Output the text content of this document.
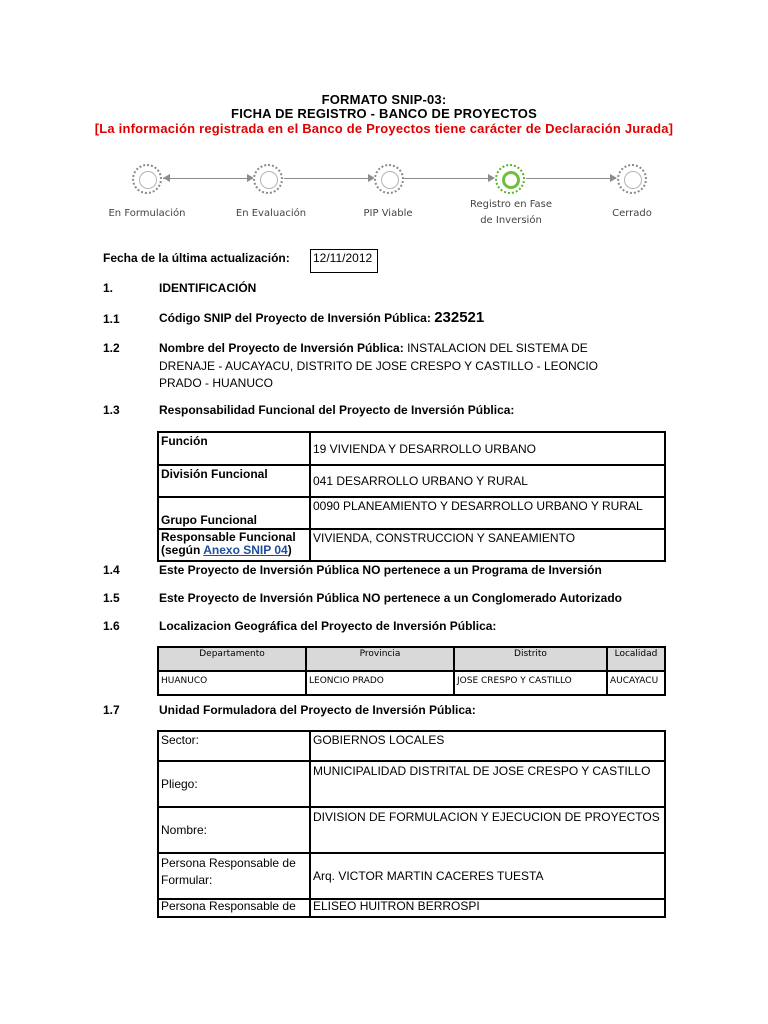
FORMATO SNIP-03:
FICHA DE REGISTRO - BANCO DE PROYECTOS
[La información registrada en el Banco de Proyectos tiene carácter de Declaración Jurada]
En Formulación	En Evaluación	PIP Viable
Registro en Fase de Inversión
Cerrado
Fecha de la última actualización: 12/11/2012
1.	IDENTIFICACIÓN
1.1	Código SNIP del Proyecto de Inversión Pública: 232521
1.2	Nombre del Proyecto de Inversión Pública: INSTALACION DEL SISTEMA DE DRENAJE - AUCAYACU, DISTRITO DE JOSE CRESPO Y CASTILLO - LEONCIO PRADO - HUANUCO
1.3	Responsabilidad Funcional del Proyecto de Inversión Pública:
Función	19 VIVIENDA Y DESARROLLO URBANO
División Funcional	041 DESARROLLO URBANO Y RURAL
Grupo Funcional	0090 PLANEAMIENTO Y DESARROLLO URBANO Y RURAL
Responsable Funcional
(según Anexo SNIP 04)	VIVIENDA, CONSTRUCCION Y SANEAMIENTO
1.4	Este Proyecto de Inversión Pública NO pertenece a un Programa de Inversión
1.5	Este Proyecto de Inversión Pública NO pertenece a un Conglomerado Autorizado
1.6	Localizacion Geográfica del Proyecto de Inversión Pública:
Departamento	Provincia	Distrito	Localidad
HUANUCO	LEONCIO PRADO	JOSE CRESPO Y CASTILLO	AUCAYACU
1.7	Unidad Formuladora del Proyecto de Inversión Pública:
Sector:	GOBIERNOS LOCALES
Pliego:	MUNICIPALIDAD DISTRITAL DE JOSE CRESPO Y CASTILLO
Nombre:	DIVISION DE FORMULACION Y EJECUCION DE PROYECTOS
Persona Responsable de Formular:	Arq. VICTOR MARTIN CACERES TUESTA
Persona Responsable de	ELISEO HUITRON BERROSPI
